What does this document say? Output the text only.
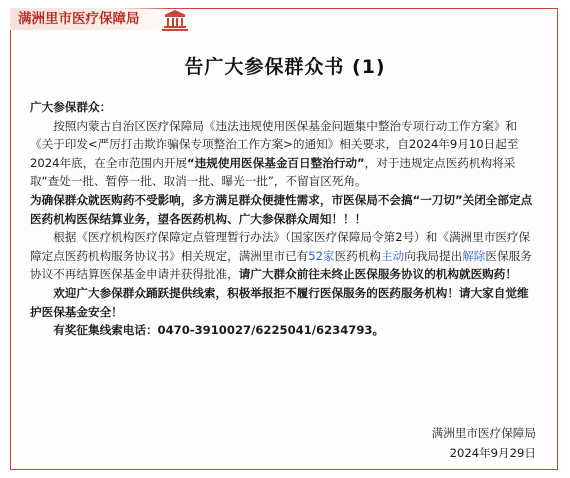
满洲里市医疗保障局
告广大参保群众书 (1)

广大参保群众：

按照内蒙古自治区医疗保障局《违法违规使用医保基金问题集中整治专项行动工作方案》和《关于印发<严厉打击欺诈骗保专项整治工作方案>的通知》相关要求，自2024年9月10日起至2024年底，在全市范围内开展“违规使用医保基金百日整治行动”，对于违规定点医药机构将采取“查处一批、暂停一批、取消一批、曝光一批”，不留盲区死角。

为确保群众就医购药不受影响，多方满足群众便捷性需求，市医保局不会搞“一刀切”关闭全部定点医药机构医保结算业务，望各医药机构、广大参保群众周知！！！

根据《医疗机构医疗保障定点管理暂行办法》（国家医疗保障局令第2号）和《满洲里市医疗保障定点医药机构服务协议书》相关规定，满洲里市已有52家医药机构主动向我局提出解除医保服务协议不再结算医保基金申请并获得批准，请广大群众前往未终止医保服务协议的机构就医购药！

欢迎广大参保群众踊跃提供线索，积极举报拒不履行医保服务的医药服务机构！请大家自觉维护医保基金安全！

有奖征集线索电话：0470-3910027/6225041/6234793。

满洲里市医疗保障局
2024年9月29日
